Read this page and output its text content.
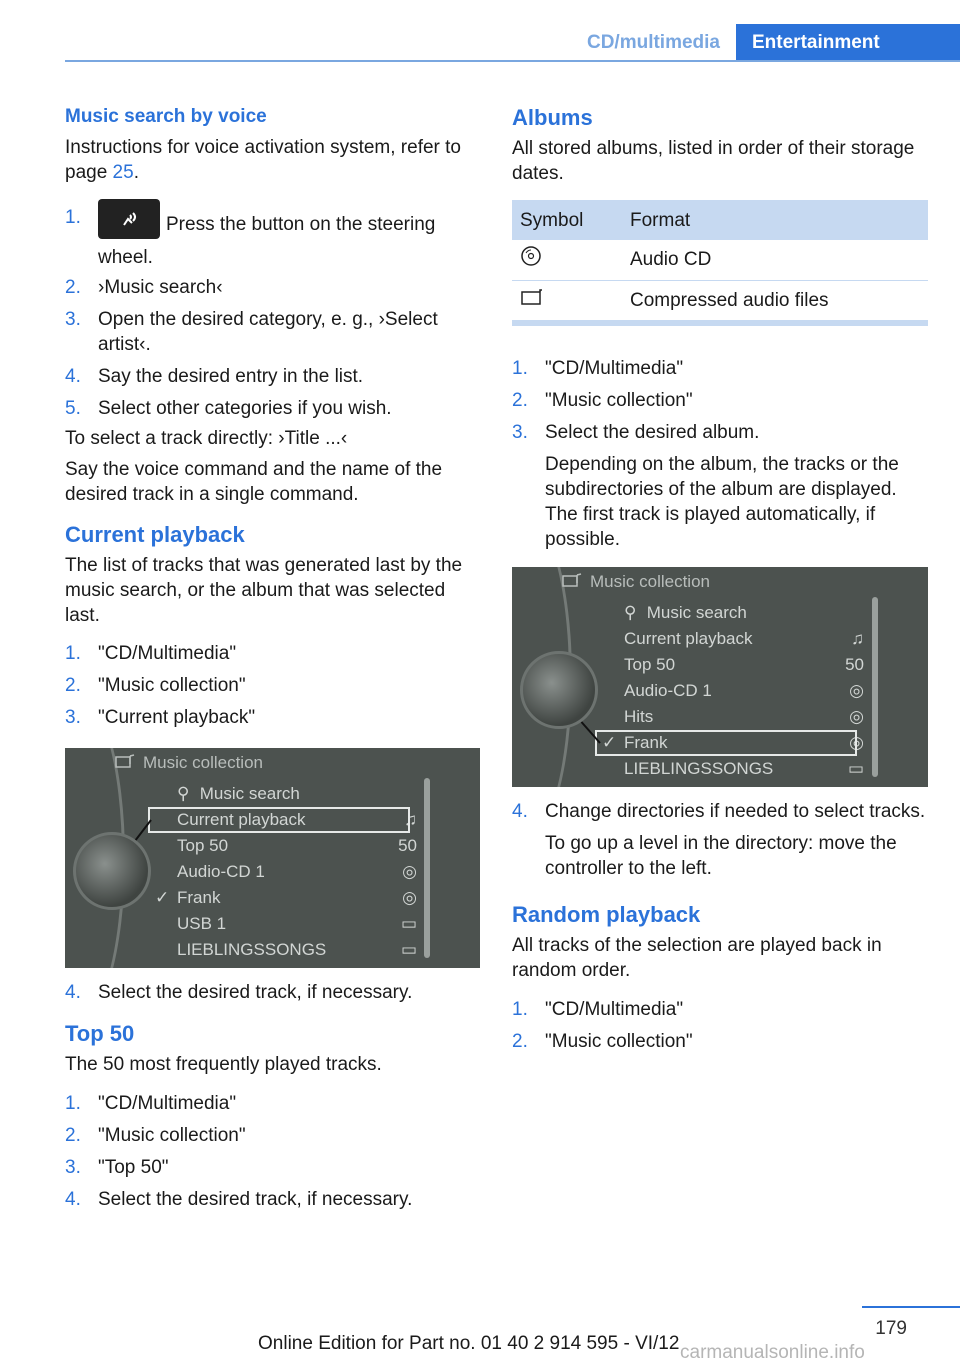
CD/multimedia	Entertainment
Music search by voice

Instructions for voice activation system, refer to page 25.

1.	Press the button on the steering wheel.
2. ›Music search‹
3. Open the desired category, e. g., ›Select artist‹.
4. Say the desired entry in the list.
5. Select other categories if you wish.

To select a track directly: ›Title ...‹

Say the voice command and the name of the desired track in a single command.

Current playback

The list of tracks that was generated last by the music search, or the album that was selected last.

1. "CD/Multimedia"
2. "Music collection"
3. "Current playback"
Music collection
⚲ Music search
Current playback	♫
Top 50	50
Audio-CD 1	◎
✓ Frank	◎
USB 1	▭
LIEBLINGSSONGS	▭
4. Select the desired track, if necessary.
Top 50

The 50 most frequently played tracks.

1. "CD/Multimedia"
2. "Music collection"
3. "Top 50"
4. Select the desired track, if necessary.
Albums

All stored albums, listed in order of their storage dates.

Symbol	Format
	Audio CD
	Compressed audio files
1. "CD/Multimedia"
2. "Music collection"
3. Select the desired album.

Depending on the album, the tracks or the subdirectories of the album are displayed. The first track is played automatically, if possible.

Music collection
⚲ Music search
Current playback	♫
Top 50	50
Audio-CD 1	◎
Hits	◎
✓ Frank	◎
LIEBLINGSSONGS	▭
4. Change directories if needed to select tracks.

To go up a level in the directory: move the controller to the left.

Random playback

All tracks of the selection are played back in random order.

1. "CD/Multimedia"
2. "Music collection"
179
Online Edition for Part no. 01 40 2 914 595 - VI/12 carmanualsonline.info
